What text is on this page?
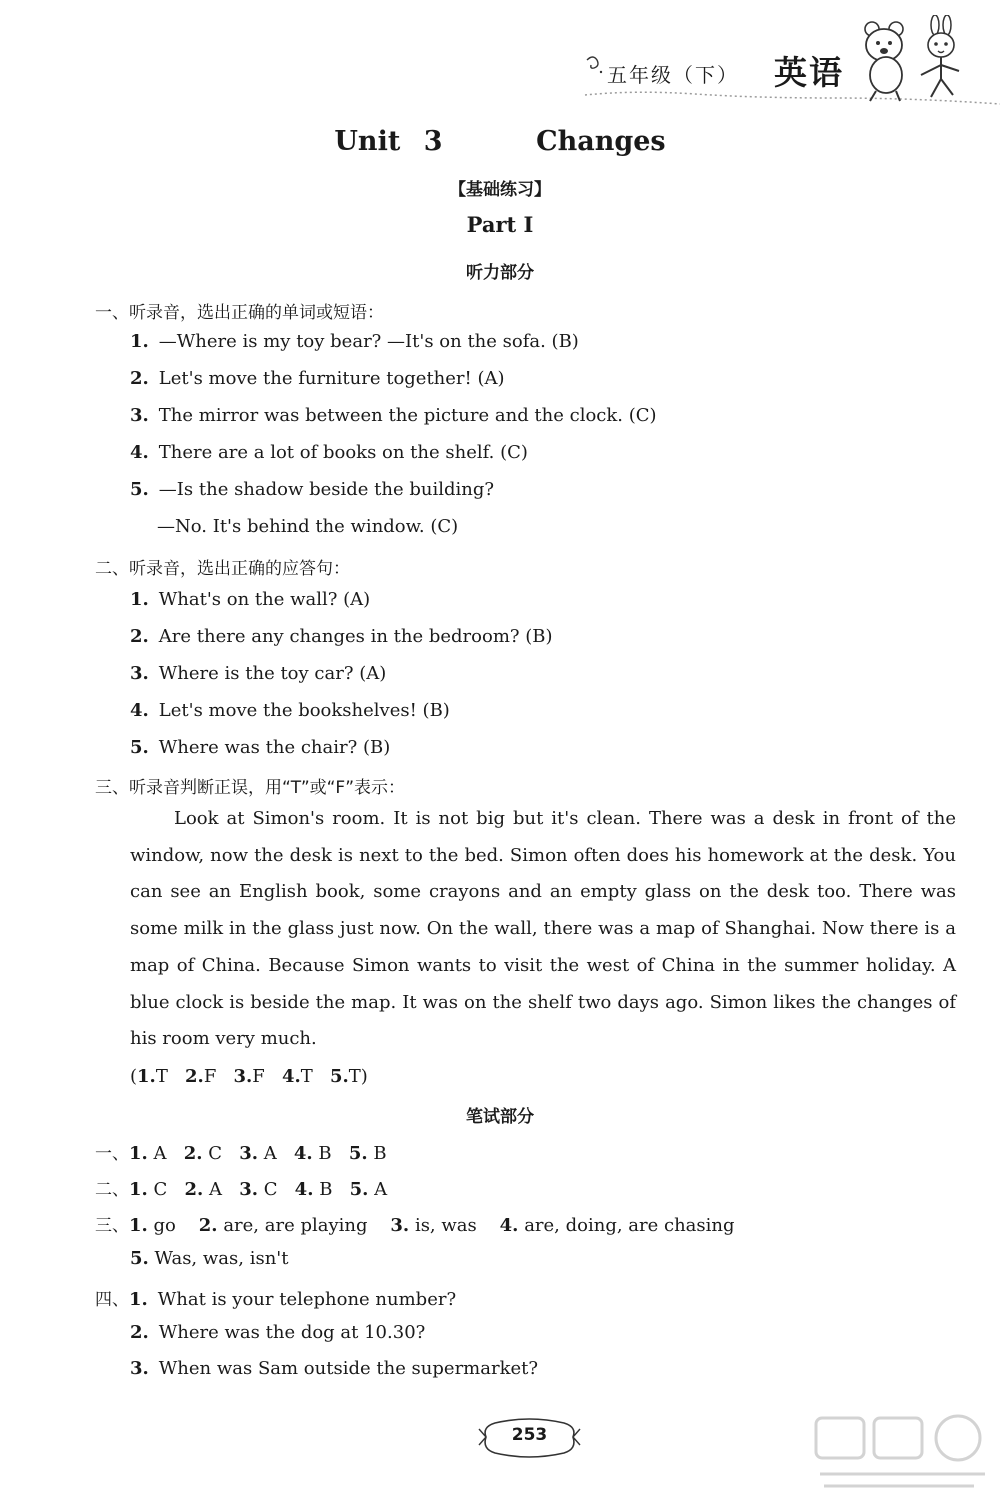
五年级（下） 英语
Unit 3    Changes
【基础练习】
Part Ⅰ
听力部分
一、听录音，选出正确的单词或短语：
1. —Where is my toy bear? —It's on the sofa. (B)
2. Let's move the furniture together! (A)
3. The mirror was between the picture and the clock. (C)
4. There are a lot of books on the shelf. (C)
5. —Is the shadow beside the building?
—No. It's behind the window. (C)
二、听录音，选出正确的应答句：
1. What's on the wall? (A)
2. Are there any changes in the bedroom? (B)
3. Where is the toy car? (A)
4. Let's move the bookshelves! (B)
5. Where was the chair? (B)
三、听录音判断正误，用“T”或“F”表示：
Look at Simon's room. It is not big but it's clean. There was a desk in front of the window, now the desk is next to the bed. Simon often does his homework at the desk. You can see an English book, some crayons and an empty glass on the desk too. There was some milk in the glass just now. On the wall, there was a map of Shanghai. Now there is a map of China. Because Simon wants to visit the west of China in the summer holiday. A blue clock is beside the map. It was on the shelf two days ago. Simon likes the changes of his room very much.
(1.T 2.F 3.F 4.T 5.T)
笔试部分
一、1. A 2. C 3. A 4. B 5. B
二、1. C 2. A 3. C 4. B 5. A
三、1. go 2. are, are playing 3. is, was 4. are, doing, are chasing
5. Was, was, isn't
四、1. What is your telephone number?
2. Where was the dog at 10.30?
3. When was Sam outside the supermarket?
253
